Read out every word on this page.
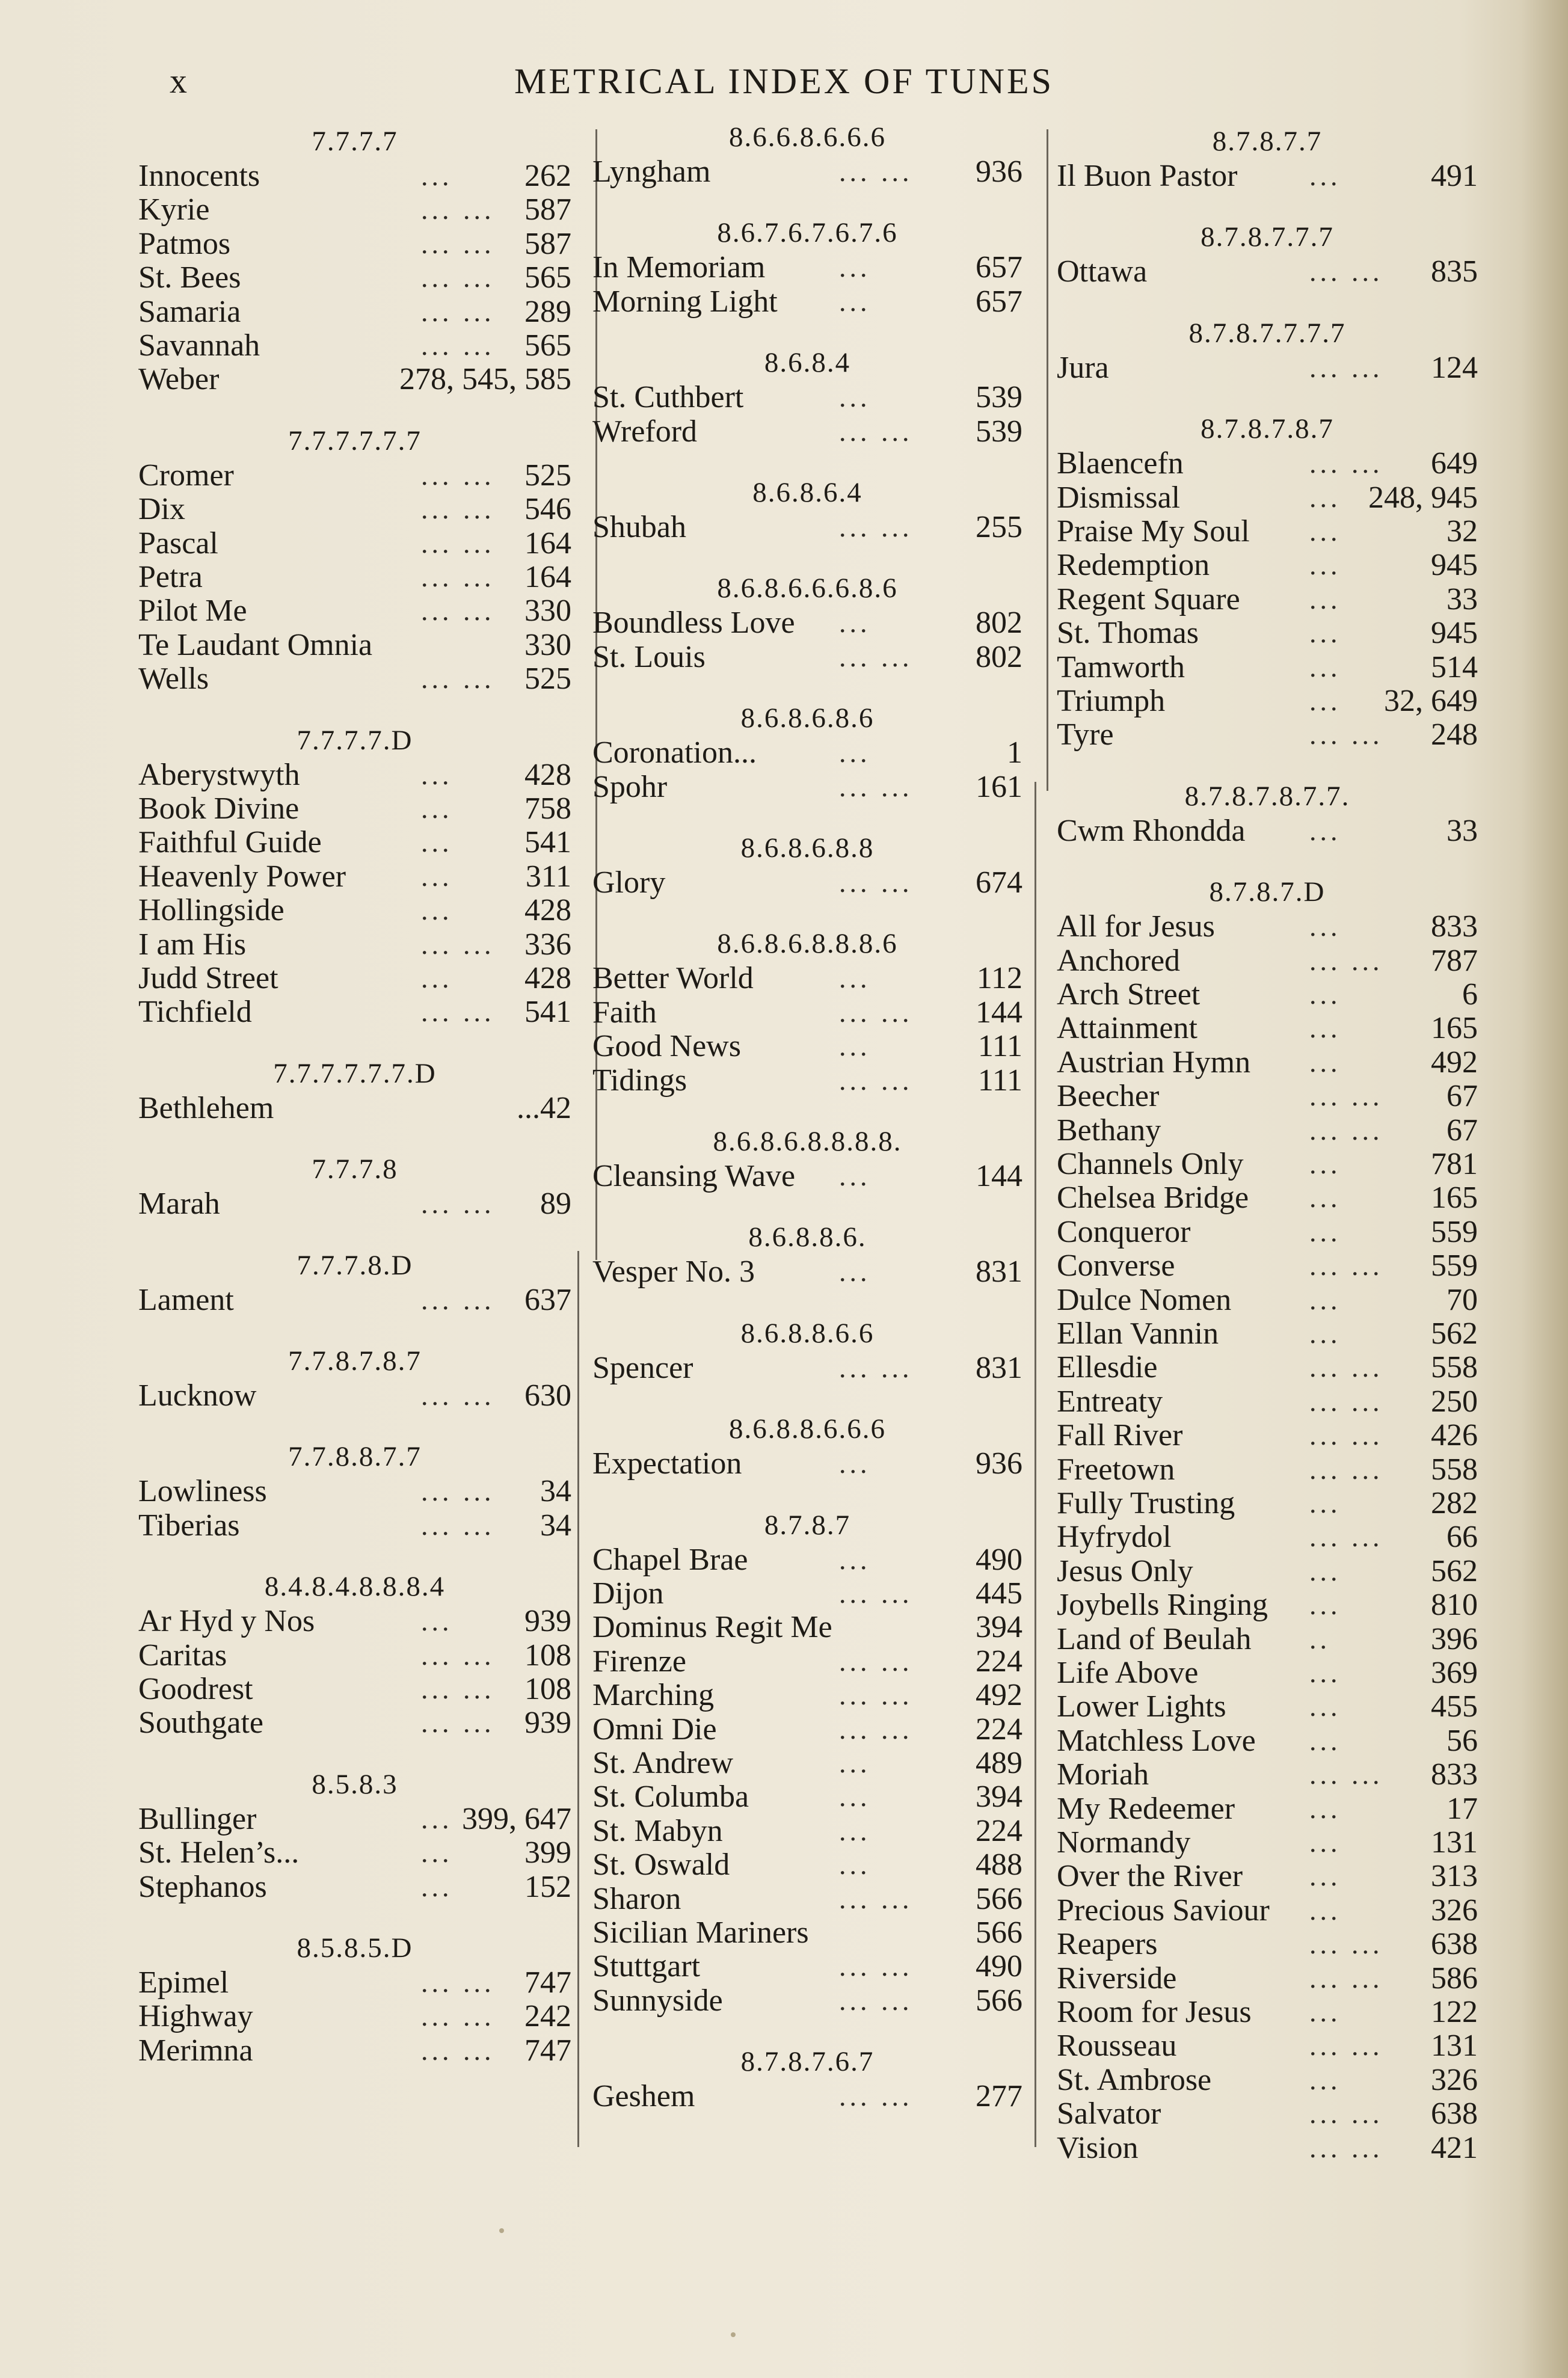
x	METRICAL INDEX OF TUNES
7.7.7.7
Innocents	... 262
Kyrie	... ... 587
Patmos	... ... 587
St. Bees	... ... 565
Samaria	... ... 289
Savannah	... ... 565
Weber	278, 545, 585
7.7.7.7.7.7
Cromer	... ... 525
Dix	... ... 546
Pascal	... ... 164
Petra	... ... 164
Pilot Me	... ... 330
Te Laudant Omnia	330
Wells	... ... 525
7.7.7.7.D
Aberystwyth	... 428
Book Divine	... 758
Faithful Guide	... 541
Heavenly Power	... 311
Hollingside	... 428
I am His	... ... 336
Judd Street	... 428
Tichfield	... ... 541
7.7.7.7.7.7.D
Bethlehem	...42
7.7.7.8
Marah	... ... 89
7.7.7.8.D
Lament	... ... 637
7.7.8.7.8.7
Lucknow	... ... 630
7.7.8.8.7.7
Lowliness	... ... 34
Tiberias	... ... 34
8.4.8.4.8.8.8.4
Ar Hyd y Nos	... 939
Caritas	... ... 108
Goodrest	... ... 108
Southgate	... ... 939
8.5.8.3
Bullinger	... 399, 647
St. Helen’s...	... 399
Stephanos	... 152
8.5.8.5.D
Epimel	... ... 747
Highway	... ... 242
Merimna	... ... 747
8.6.6.8.6.6.6
Lyngham	... ... 936
8.6.7.6.7.6.7.6
In Memoriam	...	657
Morning Light ...	657
8.6.8.4
St. Cuthbert	...	539
Wreford	... ... 539
8.6.8.6.4
Shubah	... ... 255
8.6.8.6.6.6.8.6
Boundless Love ...	802
St. Louis	... ... 802
8.6.8.6.8.6
Coronation...	...	1
Spohr	... ... 161
8.6.8.6.8.8
Glory	... ... 674
8.6.8.6.8.8.8.6
Better World	...	112
Faith	... ... 144
Good News	...	111
Tidings	... ... 111
8.6.8.6.8.8.8.8.
Cleansing Wave ...	144
8.6.8.8.6.
Vesper No. 3	...	831
8.6.8.8.6.6
Spencer	... ... 831
8.6.8.8.6.6.6
Expectation	...	936
8.7.8.7
Chapel Brae	...	490
Dijon	... ... 445
Dominus Regit Me	394
Firenze	... ... 224
Marching	... ... 492
Omni Die	... ... 224
St. Andrew	...	489
St. Columba	...	394
St. Mabyn	...	224
St. Oswald	...	488
Sharon	... ... 566
Sicilian Mariners	566
Stuttgart	... ... 490
Sunnyside	... ... 566
8.7.8.7.6.7
Geshem	... ... 277
8.7.8.7.7
Il Buon Pastor	...	491
8.7.8.7.7.7
Ottawa	... ... 835
8.7.8.7.7.7.7
Jura	... ... 124
8.7.8.7.8.7
Blaencefn	... ... 649
Dismissal	... 248, 945
Praise My Soul ...	32
Redemption	...	945
Regent Square	...	33
St. Thomas	...	945
Tamworth	...	514
Triumph	... 32, 649
Tyre	... ... 248
8.7.8.7.8.7.7.
Cwm Rhondda ...	33
8.7.8.7.D
All for Jesus	...	833
Anchored	... ... 787
Arch Street	...	6
Attainment	...	165
Austrian Hymn ...	492
Beecher	... ... 67
Bethany	... ... 67
Channels Only ...	781
Chelsea Bridge ...	165
Conqueror	...	559
Converse	... ... 559
Dulce Nomen	...	70
Ellan Vannin	...	562
Ellesdie	... ... 558
Entreaty	... ... 250
Fall River	... ... 426
Freetown	... ... 558
Fully Trusting	...	282
Hyfrydol	... ... 66
Jesus Only	...	562
Joybells Ringing ...	810
Land of Beulah ..	396
Life Above	...	369
Lower Lights	...	455
Matchless Love ...	56
Moriah	... ... 833
My Redeemer	...	17
Normandy	...	131
Over the River ...	313
Precious Saviour ...	326
Reapers	... ... 638
Riverside	... ... 586
Room for Jesus ...	122
Rousseau	... ... 131
St. Ambrose	...	326
Salvator	... ... 638
Vision	... ... 421
